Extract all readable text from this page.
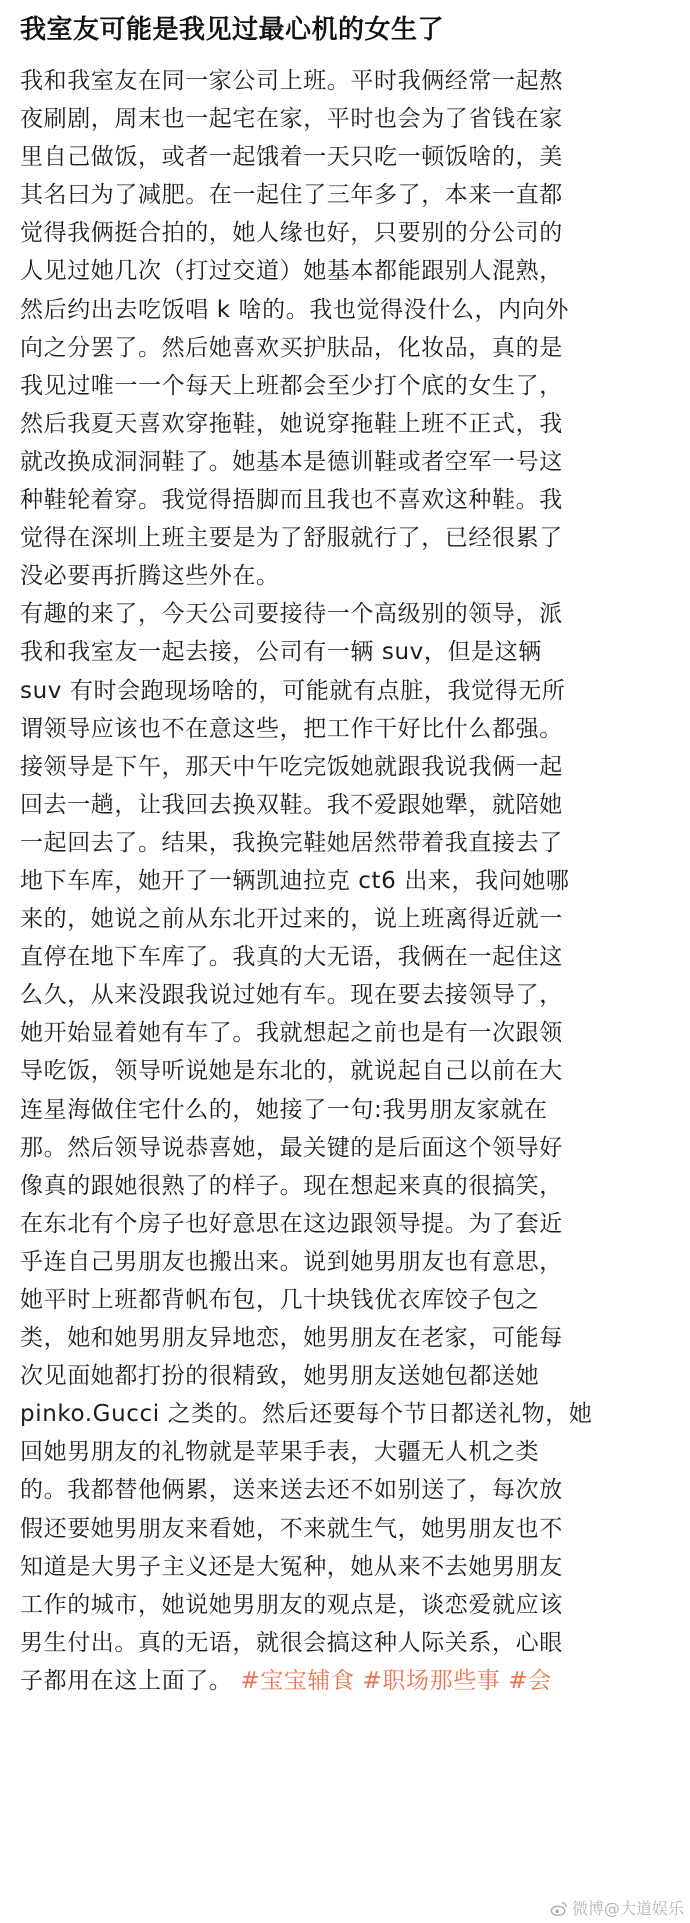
我室友可能是我见过最心机的女生了
我和我室友在同一家公司上班。平时我俩经常一起熬
夜刷剧，周末也一起宅在家，平时也会为了省钱在家
里自己做饭，或者一起饿着一天只吃一顿饭啥的，美
其名曰为了减肥。在一起住了三年多了，本来一直都
觉得我俩挺合拍的，她人缘也好，只要别的分公司的
人见过她几次（打过交道）她基本都能跟别人混熟，
然后约出去吃饭唱 k 啥的。我也觉得没什么，内向外
向之分罢了。然后她喜欢买护肤品，化妆品，真的是
我见过唯一一个每天上班都会至少打个底的女生了，
然后我夏天喜欢穿拖鞋，她说穿拖鞋上班不正式，我
就改换成洞洞鞋了。她基本是德训鞋或者空军一号这
种鞋轮着穿。我觉得捂脚而且我也不喜欢这种鞋。我
觉得在深圳上班主要是为了舒服就行了，已经很累了
没必要再折腾这些外在。
有趣的来了，今天公司要接待一个高级别的领导，派
我和我室友一起去接，公司有一辆 suv，但是这辆
suv 有时会跑现场啥的，可能就有点脏，我觉得无所
谓领导应该也不在意这些，把工作干好比什么都强。
接领导是下午，那天中午吃完饭她就跟我说我俩一起
回去一趟，让我回去换双鞋。我不爱跟她犟，就陪她
一起回去了。结果，我换完鞋她居然带着我直接去了
地下车库，她开了一辆凯迪拉克 ct6 出来，我问她哪
来的，她说之前从东北开过来的，说上班离得近就一
直停在地下车库了。我真的大无语，我俩在一起住这
么久，从来没跟我说过她有车。现在要去接领导了，
她开始显着她有车了。我就想起之前也是有一次跟领
导吃饭，领导听说她是东北的，就说起自己以前在大
连星海做住宅什么的，她接了一句:我男朋友家就在
那。然后领导说恭喜她，最关键的是后面这个领导好
像真的跟她很熟了的样子。现在想起来真的很搞笑，
在东北有个房子也好意思在这边跟领导提。为了套近
乎连自己男朋友也搬出来。说到她男朋友也有意思，
她平时上班都背帆布包，几十块钱优衣库饺子包之
类，她和她男朋友异地恋，她男朋友在老家，可能每
次见面她都打扮的很精致，她男朋友送她包都送她
pinko.Gucci 之类的。然后还要每个节日都送礼物，她
回她男朋友的礼物就是苹果手表，大疆无人机之类
的。我都替他俩累，送来送去还不如别送了，每次放
假还要她男朋友来看她，不来就生气，她男朋友也不
知道是大男子主义还是大冤种，她从来不去她男朋友
工作的城市，她说她男朋友的观点是，谈恋爱就应该
男生付出。真的无语，就很会搞这种人际关系，心眼
子都用在这上面了。 #宝宝辅食 #职场那些事 #会
微博@大道娱乐
